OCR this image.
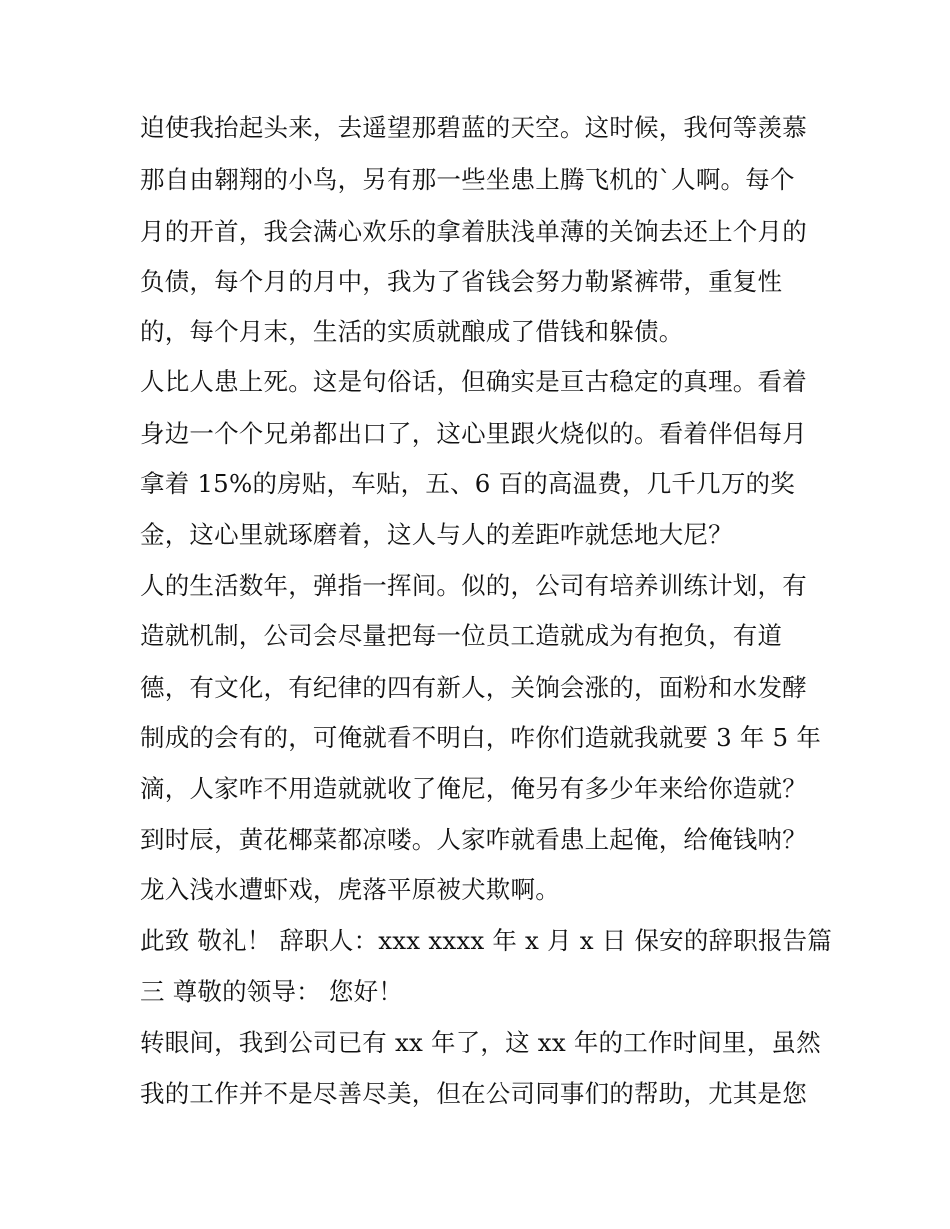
迫使我抬起头来，去遥望那碧蓝的天空。这时候，我何等羡慕
那自由翱翔的小鸟，另有那一些坐患上腾飞机的`人啊。每个
月的开首，我会满心欢乐的拿着肤浅单薄的关饷去还上个月的
负债，每个月的月中，我为了省钱会努力勒紧裤带，重复性
的，每个月末，生活的实质就酿成了借钱和躲债。
人比人患上死。这是句俗话，但确实是亘古稳定的真理。看着
身边一个个兄弟都出口了，这心里跟火烧似的。看着伴侣每月
拿着 15%的房贴，车贴，五、6 百的高温费，几千几万的奖
金，这心里就琢磨着，这人与人的差距咋就恁地大尼？
人的生活数年，弹指一挥间。似的，公司有培养训练计划，有
造就机制，公司会尽量把每一位员工造就成为有抱负，有道
德，有文化，有纪律的四有新人，关饷会涨的，面粉和水发酵
制成的会有的，可俺就看不明白，咋你们造就我就要 3 年 5 年
滴，人家咋不用造就就收了俺尼，俺另有多少年来给你造就？
到时辰，黄花椰菜都凉喽。人家咋就看患上起俺，给俺钱呐？
龙入浅水遭虾戏，虎落平原被犬欺啊。
此致 敬礼！ 辞职人：xxx xxxx 年 x 月 x 日 保安的辞职报告篇
三 尊敬的领导： 您好！
转眼间，我到公司已有 xx 年了，这 xx 年的工作时间里，虽然
我的工作并不是尽善尽美，但在公司同事们的帮助，尤其是您
